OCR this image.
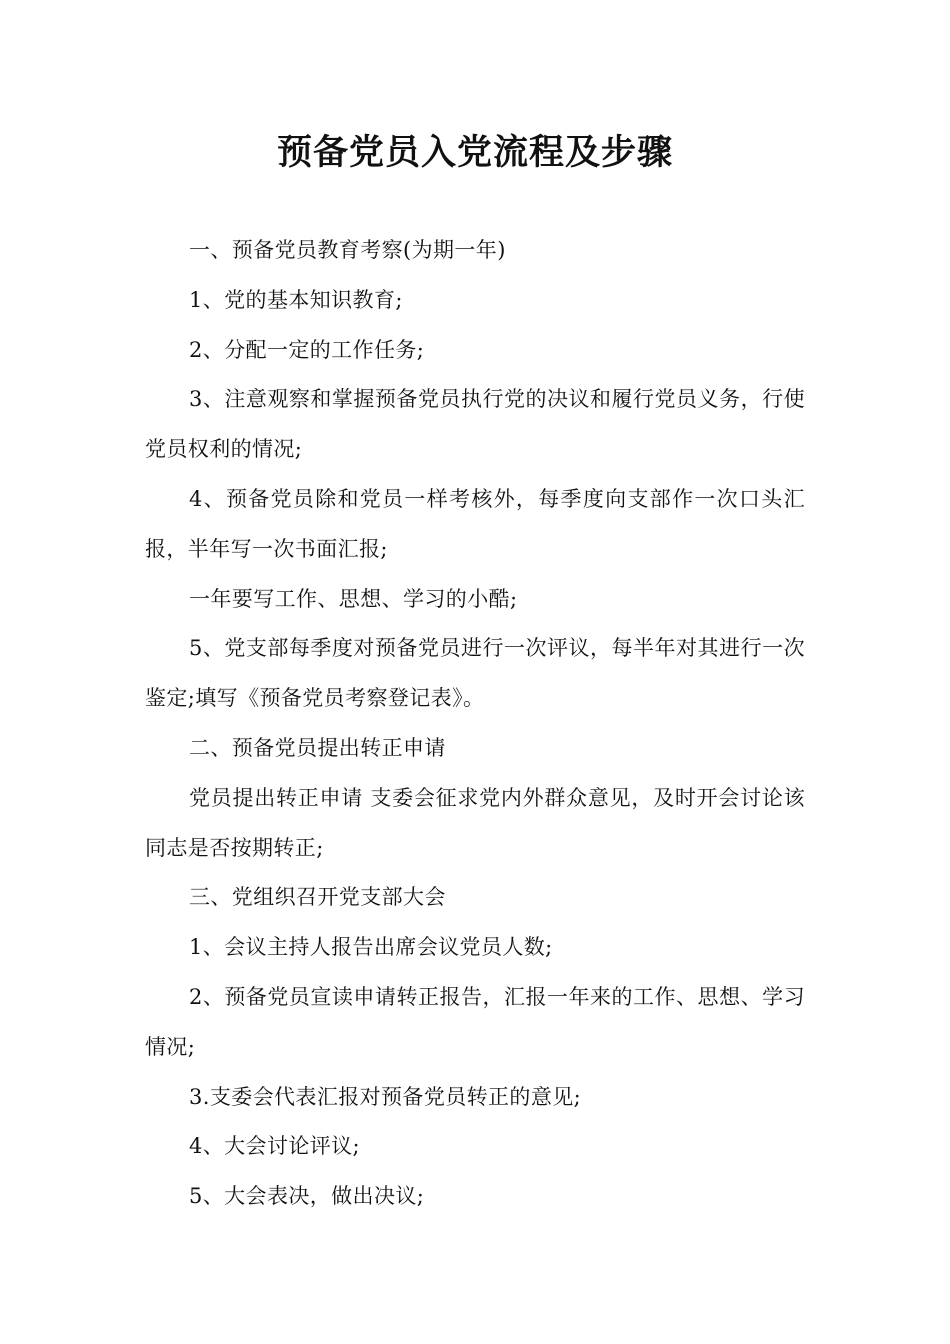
预备党员入党流程及步骤

一、预备党员教育考察(为期一年)

1、党的基本知识教育;

2、分配一定的工作任务;

3、注意观察和掌握预备党员执行党的决议和履行党员义务，行使党员权利的情况;

4、预备党员除和党员一样考核外，每季度向支部作一次口头汇报，半年写一次书面汇报;

一年要写工作、思想、学习的小酷;

5、党支部每季度对预备党员进行一次评议，每半年对其进行一次鉴定;填写《预备党员考察登记表》。

二、预备党员提出转正申请

党员提出转正申请 支委会征求党内外群众意见，及时开会讨论该同志是否按期转正;

三、党组织召开党支部大会

1、会议主持人报告出席会议党员人数;

2、预备党员宣读申请转正报告，汇报一年来的工作、思想、学习情况;

3.支委会代表汇报对预备党员转正的意见;

4、大会讨论评议;

5、大会表决，做出决议;
